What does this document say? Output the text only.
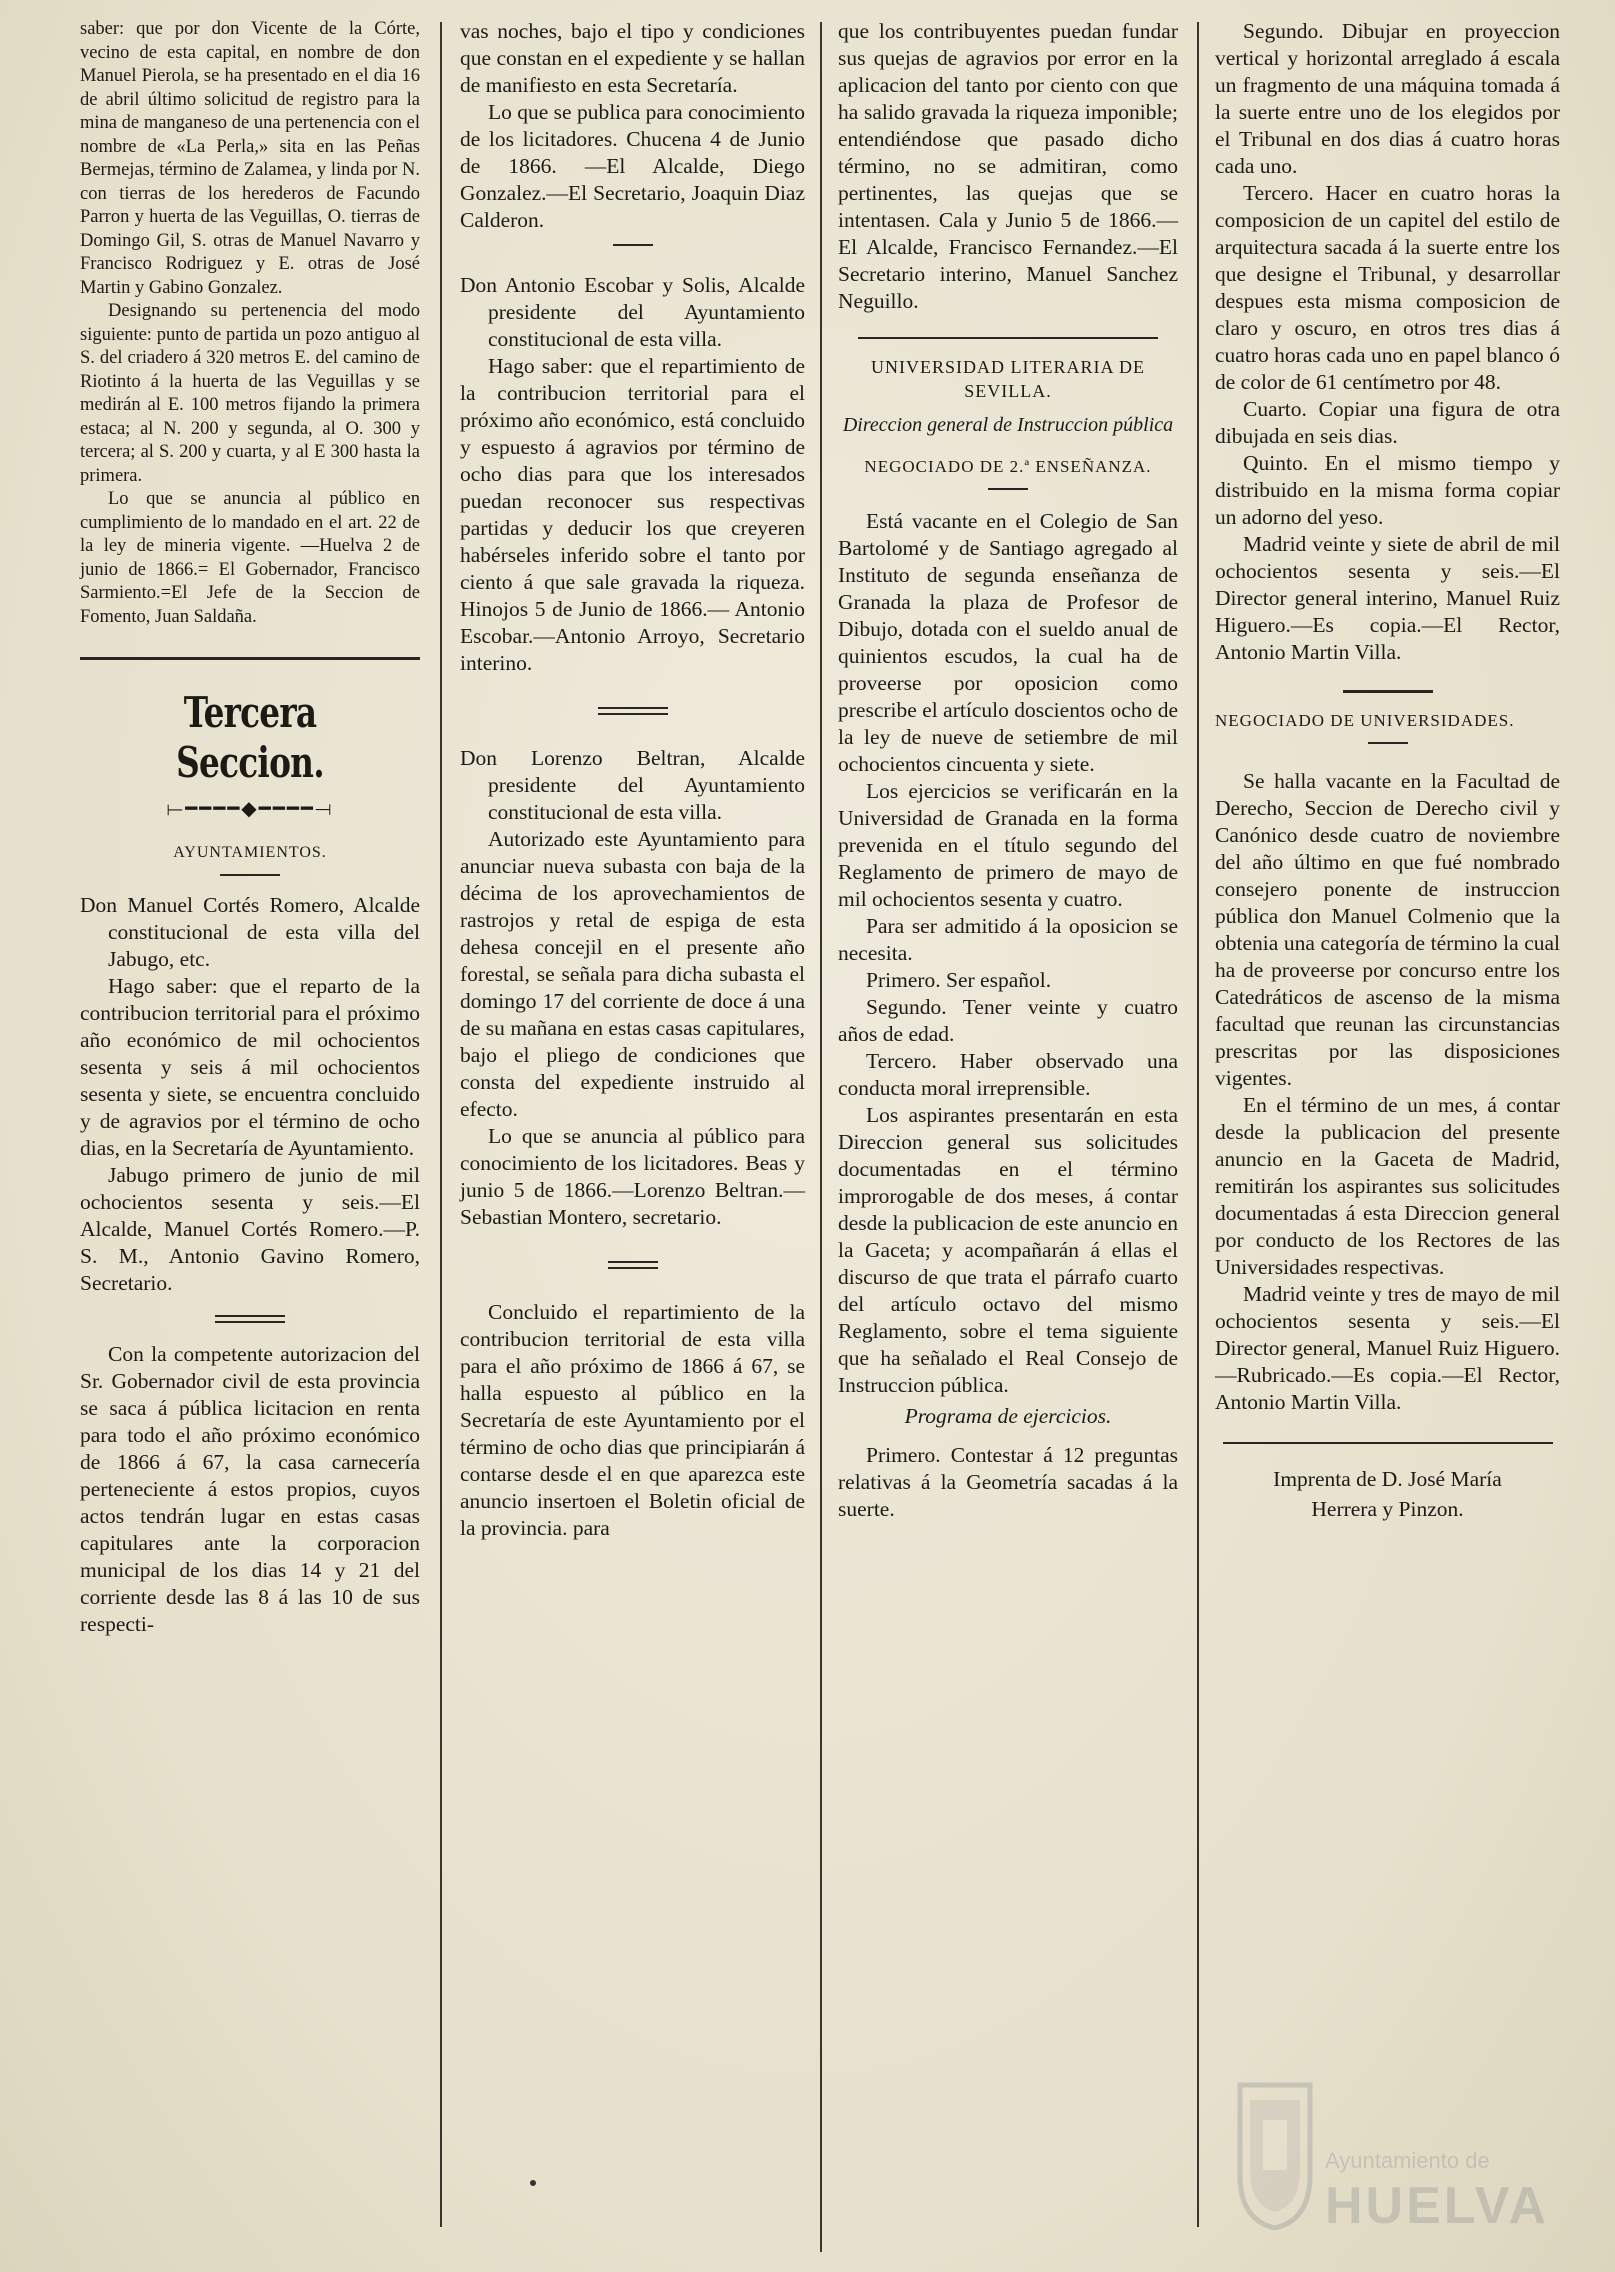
saber: que por don Vicente de la Córte, vecino de esta capital, en nombre de don Manuel Pierola, se ha presentado en el dia 16 de abril último solicitud de registro para la mina de manganeso de una pertenencia con el nombre de «La Perla,» sita en las Peñas Bermejas, término de Zalamea, y linda por N. con tierras de los herederos de Facundo Parron y huerta de las Veguillas, O. tierras de Domingo Gil, S. otras de Manuel Navarro y Francisco Rodriguez y E. otras de José Martin y Gabino Gonzalez.

Designando su pertenencia del modo siguiente: punto de partida un pozo antiguo al S. del criadero á 320 metros E. del camino de Riotinto á la huerta de las Veguillas y se medirán al E. 100 metros fijando la primera estaca; al N. 200 y segunda, al O. 300 y tercera; al S. 200 y cuarta, y al E 300 hasta la primera.

Lo que se anuncia al público en cumplimiento de lo mandado en el art. 22 de la ley de mineria vigente. —Huelva 2 de junio de 1866.= El Gobernador, Francisco Sarmiento.=El Jefe de la Seccion de Fomento, Juan Saldaña.

Tercera Seccion.
⟝━━━━◆━━━━⟞
AYUNTAMIENTOS.

Don Manuel Cortés Romero, Alcalde constitucional de esta villa del Jabugo, etc.

Hago saber: que el reparto de la contribucion territorial para el próximo año económico de mil ochocientos sesenta y seis á mil ochocientos sesenta y siete, se encuentra concluido y de agravios por el término de ocho dias, en la Secretaría de Ayuntamiento.

Jabugo primero de junio de mil ochocientos sesenta y seis.—El Alcalde, Manuel Cortés Romero.—P. S. M., Antonio Gavino Romero, Secretario.

Con la competente autorizacion del Sr. Gobernador civil de esta provincia se saca á pública licitacion en renta para todo el año próximo económico de 1866 á 67, la casa carnecería perteneciente á estos propios, cuyos actos tendrán lugar en estas casas capitulares ante la corporacion municipal de los dias 14 y 21 del corriente desde las 8 á las 10 de sus respecti-

vas noches, bajo el tipo y condiciones que constan en el expediente y se hallan de manifiesto en esta Secretaría.

Lo que se publica para conocimiento de los licitadores. Chucena 4 de Junio de 1866. —El Alcalde, Diego Gonzalez.—El Secretario, Joaquin Diaz Calderon.

Don Antonio Escobar y Solis, Alcalde presidente del Ayuntamiento constitucional de esta villa.

Hago saber: que el repartimiento de la contribucion territorial para el próximo año económico, está concluido y espuesto á agravios por término de ocho dias para que los interesados puedan reconocer sus respectivas partidas y deducir los que creyeren habérseles inferido sobre el tanto por ciento á que sale gravada la riqueza. Hinojos 5 de Junio de 1866.— Antonio Escobar.—Antonio Arroyo, Secretario interino.

Don Lorenzo Beltran, Alcalde presidente del Ayuntamiento constitucional de esta villa.

Autorizado este Ayuntamiento para anunciar nueva subasta con baja de la décima de los aprovechamientos de rastrojos y retal de espiga de esta dehesa concejil en el presente año forestal, se señala para dicha subasta el domingo 17 del corriente de doce á una de su mañana en estas casas capitulares, bajo el pliego de condiciones que consta del expediente instruido al efecto.

Lo que se anuncia al público para conocimiento de los licitadores. Beas y junio 5 de 1866.—Lorenzo Beltran.—Sebastian Montero, secretario.

Concluido el repartimiento de la contribucion territorial de esta villa para el año próximo de 1866 á 67, se halla espuesto al público en la Secretaría de este Ayuntamiento por el término de ocho dias que principiarán á contarse desde el en que aparezca este anuncio insertoen el Boletin oficial de la provincia. para

que los contribuyentes puedan fundar sus quejas de agravios por error en la aplicacion del tanto por ciento con que ha salido gravada la riqueza imponible; entendiéndose que pasado dicho término, no se admitiran, como pertinentes, las quejas que se intentasen. Cala y Junio 5 de 1866.—El Alcalde, Francisco Fernandez.—El Secretario interino, Manuel Sanchez Neguillo.

UNIVERSIDAD LITERARIA DE SEVILLA.
Direccion general de Instruccion pública
NEGOCIADO DE 2.ª ENSEÑANZA.

Está vacante en el Colegio de San Bartolomé y de Santiago agregado al Instituto de segunda enseñanza de Granada la plaza de Profesor de Dibujo, dotada con el sueldo anual de quinientos escudos, la cual ha de proveerse por oposicion como prescribe el artículo doscientos ocho de la ley de nueve de setiembre de mil ochocientos cincuenta y siete.

Los ejercicios se verificarán en la Universidad de Granada en la forma prevenida en el título segundo del Reglamento de primero de mayo de mil ochocientos sesenta y cuatro.

Para ser admitido á la oposicion se necesita.

Primero. Ser español.

Segundo. Tener veinte y cuatro años de edad.

Tercero. Haber observado una conducta moral irreprensible.

Los aspirantes presentarán en esta Direccion general sus solicitudes documentadas en el término improrogable de dos meses, á contar desde la publicacion de este anuncio en la Gaceta; y acompañarán á ellas el discurso de que trata el párrafo cuarto del artículo octavo del mismo Reglamento, sobre el tema siguiente que ha señalado el Real Consejo de Instruccion pública.

Programa de ejercicios.

Primero. Contestar á 12 preguntas relativas á la Geometría sacadas á la suerte.

Segundo. Dibujar en proyeccion vertical y horizontal arreglado á escala un fragmento de una máquina tomada á la suerte entre uno de los elegidos por el Tribunal en dos dias á cuatro horas cada uno.

Tercero. Hacer en cuatro horas la composicion de un capitel del estilo de arquitectura sacada á la suerte entre los que designe el Tribunal, y desarrollar despues esta misma composicion de claro y oscuro, en otros tres dias á cuatro horas cada uno en papel blanco ó de color de 61 centímetro por 48.

Cuarto. Copiar una figura de otra dibujada en seis dias.

Quinto. En el mismo tiempo y distribuido en la misma forma copiar un adorno del yeso.

Madrid veinte y siete de abril de mil ochocientos sesenta y seis.—El Director general interino, Manuel Ruiz Higuero.—Es copia.—El Rector, Antonio Martin Villa.

NEGOCIADO DE UNIVERSIDADES.

Se halla vacante en la Facultad de Derecho, Seccion de Derecho civil y Canónico desde cuatro de noviembre del año último en que fué nombrado consejero ponente de instruccion pública don Manuel Colmenio que la obtenia una categoría de término la cual ha de proveerse por concurso entre los Catedráticos de ascenso de la misma facultad que reunan las circunstancias prescritas por las disposiciones vigentes.

En el término de un mes, á contar desde la publicacion del presente anuncio en la Gaceta de Madrid, remitirán los aspirantes sus solicitudes documentadas á esta Direccion general por conducto de los Rectores de las Universidades respectivas.

Madrid veinte y tres de mayo de mil ochocientos sesenta y seis.—El Director general, Manuel Ruiz Higuero. —Rubricado.—Es copia.—El Rector, Antonio Martin Villa.

Imprenta de D. José María
Herrera y Pinzon.
Ayuntamiento de
HUELVA
